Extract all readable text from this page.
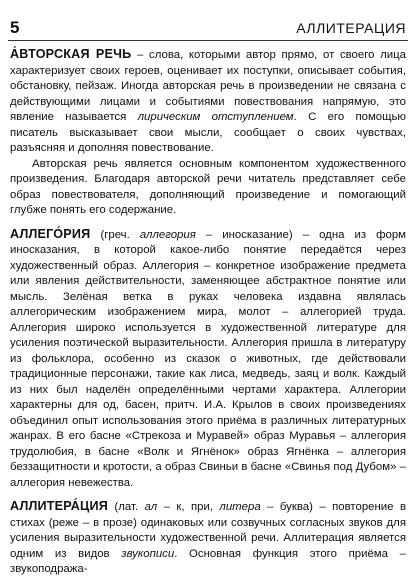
5	АЛЛИТЕРАЦИЯ

А́ВТОРСКАЯ РЕЧЬ – слова, которыми автор прямо, от своего лица характеризует своих героев, оценивает их поступки, описывает события, обстановку, пейзаж. Иногда авторская речь в произведении не связана с действующими лицами и событиями повествования напрямую, это явление называется лирическим отступлением. С его помощью писатель высказывает свои мысли, сообщает о своих чувствах, разъясняя и дополняя повествование.

Авторская речь является основным компонентом художественного произведения. Благодаря авторской речи читатель представляет себе образ повествователя, дополняющий произведение и помогающий глубже понять его содержание.

АЛЛЕГО́РИЯ (греч. аллегория – иносказание) – одна из форм иносказания, в которой какое-либо понятие передаётся через художественный образ. Аллегория – конкретное изображение предмета или явления действительности, заменяющее абстрактное понятие или мысль. Зелёная ветка в руках человека издавна являлась аллегорическим изображением мира, молот – аллегорией труда. Аллегория широко используется в художественной литературе для усиления поэтической выразительности. Аллегория пришла в литературу из фольклора, особенно из сказок о животных, где действовали традиционные персонажи, такие как лиса, медведь, заяц и волк. Каждый из них был наделён определёнными чертами характера. Аллегории характерны для од, басен, притч. И.А. Крылов в своих произведениях объединил опыт использования этого приёма в различных литературных жанрах. В его басне «Стрекоза и Муравей» образ Муравья – аллегория трудолюбия, в басне «Волк и Ягнёнок» образ Ягнёнка – аллегория беззащитности и кротости, а образ Свиньи в басне «Свинья под Дубом» – аллегория невежества.

АЛЛИТЕРА́ЦИЯ (лат. ал – к, при, литера – буква) – повторение в стихах (реже – в прозе) одинаковых или созвучных согласных звуков для усиления выразительности художественной речи. Аллитерация является одним из видов звукописи. Основная функция этого приёма – звукоподража-
